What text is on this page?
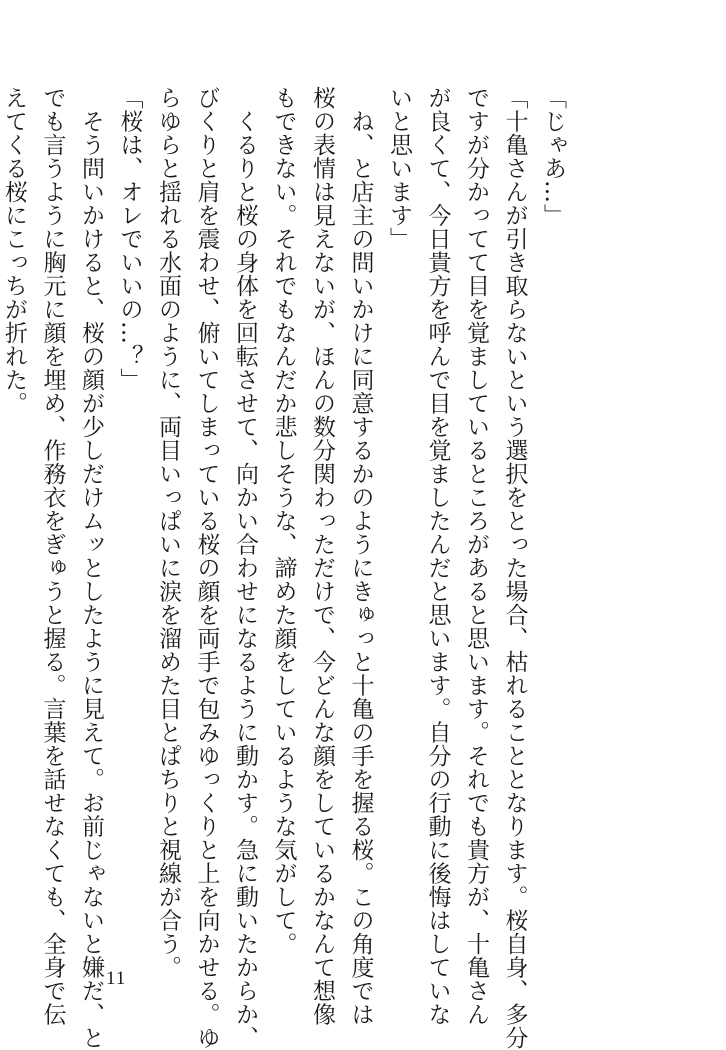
「じゃあ…」
「十亀さんが引き取らないという選択をとった場合、枯れることとなります。桜自身、多分
ですが分かってて目を覚ましているところがあると思います。それでも貴方が、十亀さん
が良くて、今日貴方を呼んで目を覚ましたんだと思います。自分の行動に後悔はしていな
いと思います」
　ね、と店主の問いかけに同意するかのようにきゅっと十亀の手を握る桜。この角度では
桜の表情は見えないが、ほんの数分関わっただけで、今どんな顔をしているかなんて想像
もできない。それでもなんだか悲しそうな、諦めた顔をしているような気がして。
　くるりと桜の身体を回転させて、向かい合わせになるように動かす。急に動いたからか、
びくりと肩を震わせ、俯いてしまっている桜の顔を両手で包みゆっくりと上を向かせる。ゆ
らゆらと揺れる水面のように、両目いっぱいに涙を溜めた目とぱちりと視線が合う。
「桜は、オレでいいの…？」
　そう問いかけると、桜の顔が少しだけムッとしたように見えて。お前じゃないと嫌だ、と
でも言うように胸元に顔を埋め、作務衣をぎゅうと握る。言葉を話せなくても、全身で伝
えてくる桜にこっちが折れた。
11
